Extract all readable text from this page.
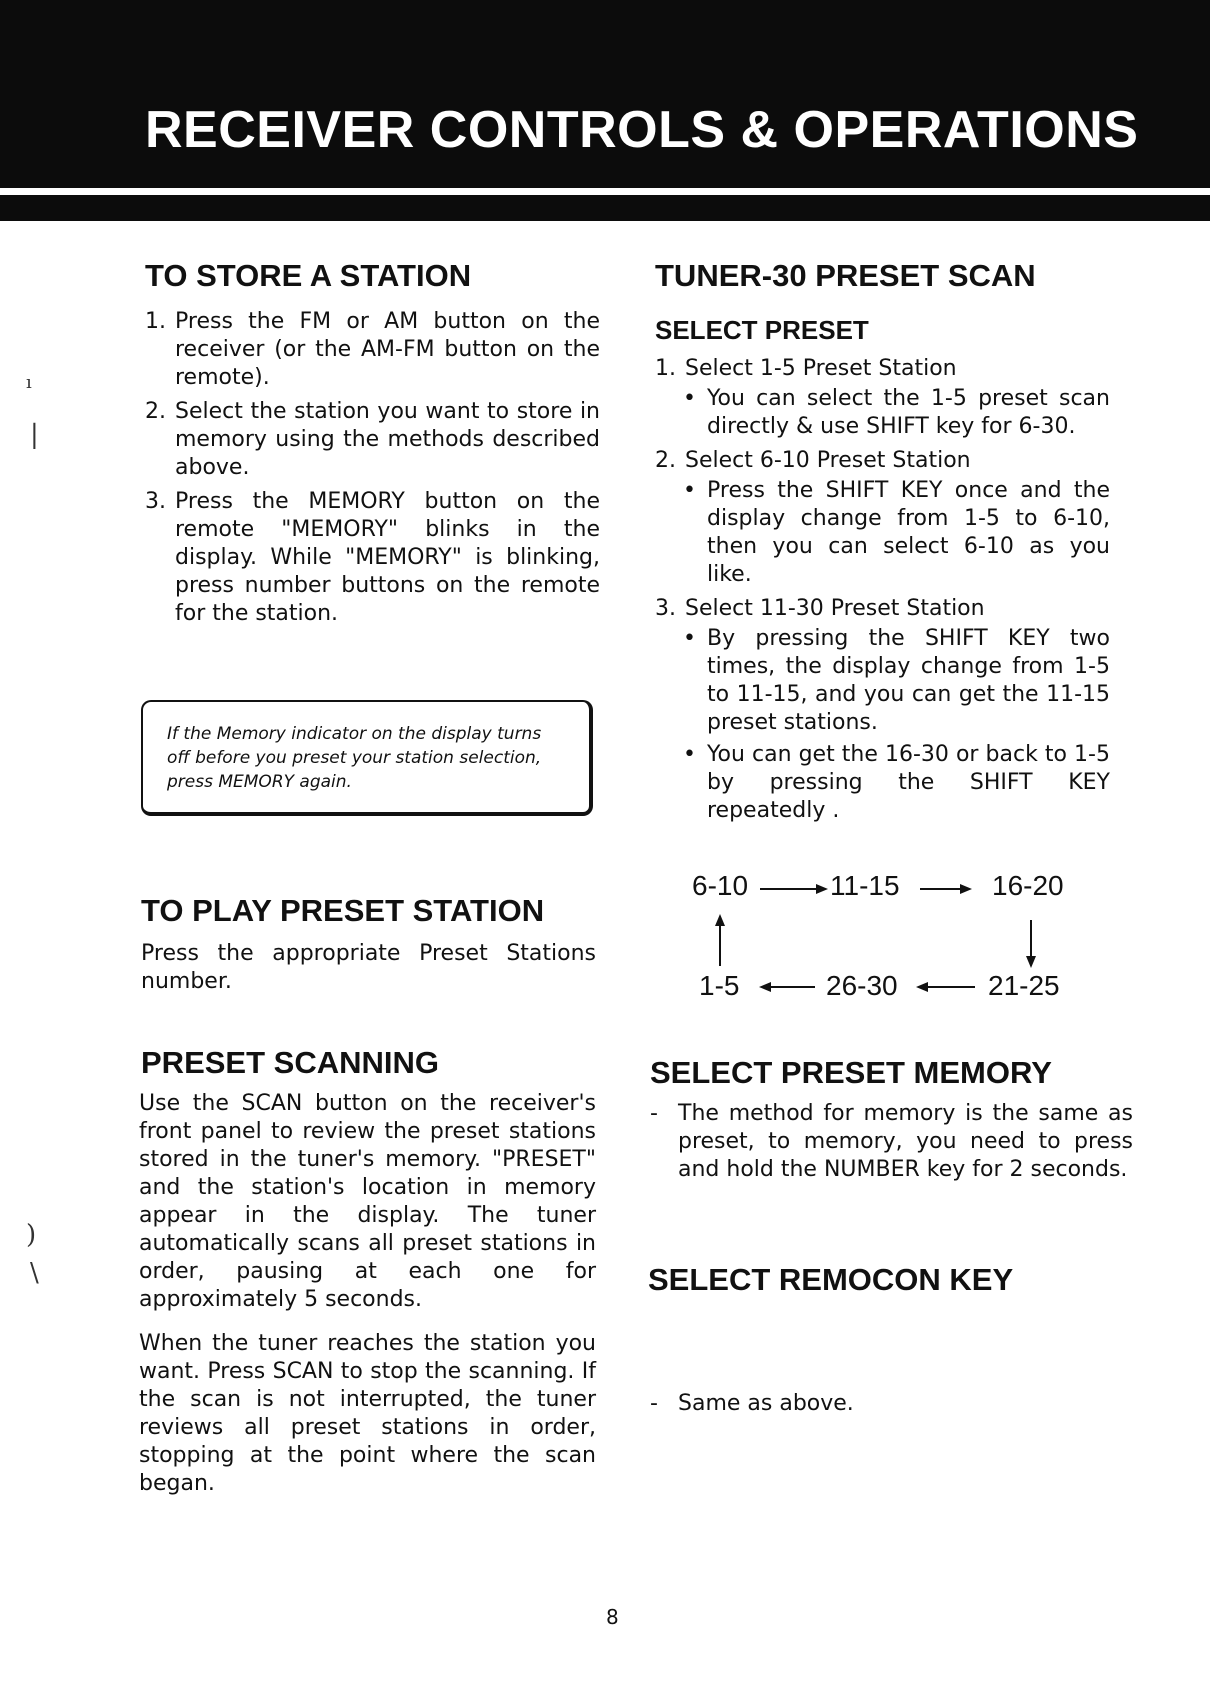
RECEIVER CONTROLS & OPERATIONS
ı
|
)
\
TO STORE A STATION
1. Press the FM or AM button on the receiver (or the AM-FM button on the remote).
2. Select the station you want to store in memory using the methods described above.
3. Press the MEMORY button on the remote "MEMORY" blinks in the display. While "MEMORY" is blinking, press number buttons on the remote for the station.
If the Memory indicator on the display turns off before you preset your station selection, press MEMORY again.
TO PLAY PRESET STATION

Press the appropriate Preset Stations number.

PRESET SCANNING

Use the SCAN button on the receiver's front panel to review the preset stations stored in the tuner's memory. "PRESET" and the station's location in memory appear in the display. The tuner automatically scans all preset stations in order, pausing at each one for approximately 5 seconds.

When the tuner reaches the station you want. Press SCAN to stop the scanning. If the scan is not interrupted, the tuner reviews all preset stations in order, stopping at the point where the scan began.

TUNER-30 PRESET SCAN
SELECT PRESET
1. Select 1-5 Preset Station
• You can select the 1-5 preset scan directly & use SHIFT key for 6-30.
2. Select 6-10 Preset Station
• Press the SHIFT KEY once and the display change from 1-5 to 6-10, then you can select 6-10 as you like.
3. Select 11-30 Preset Station
• By pressing the SHIFT KEY two times, the display change from 1-5 to 11-15, and you can get the 11-15 preset stations.
• You can get the 16-30 or back to 1-5 by pressing the SHIFT KEY repeatedly .
6-10	11-15	16-20
1-5	26-30	21-25
SELECT PRESET MEMORY
- The method for memory is the same as preset, to memory, you need to press and hold the NUMBER key for 2 seconds.
SELECT REMOCON KEY
- Same as above.
8
